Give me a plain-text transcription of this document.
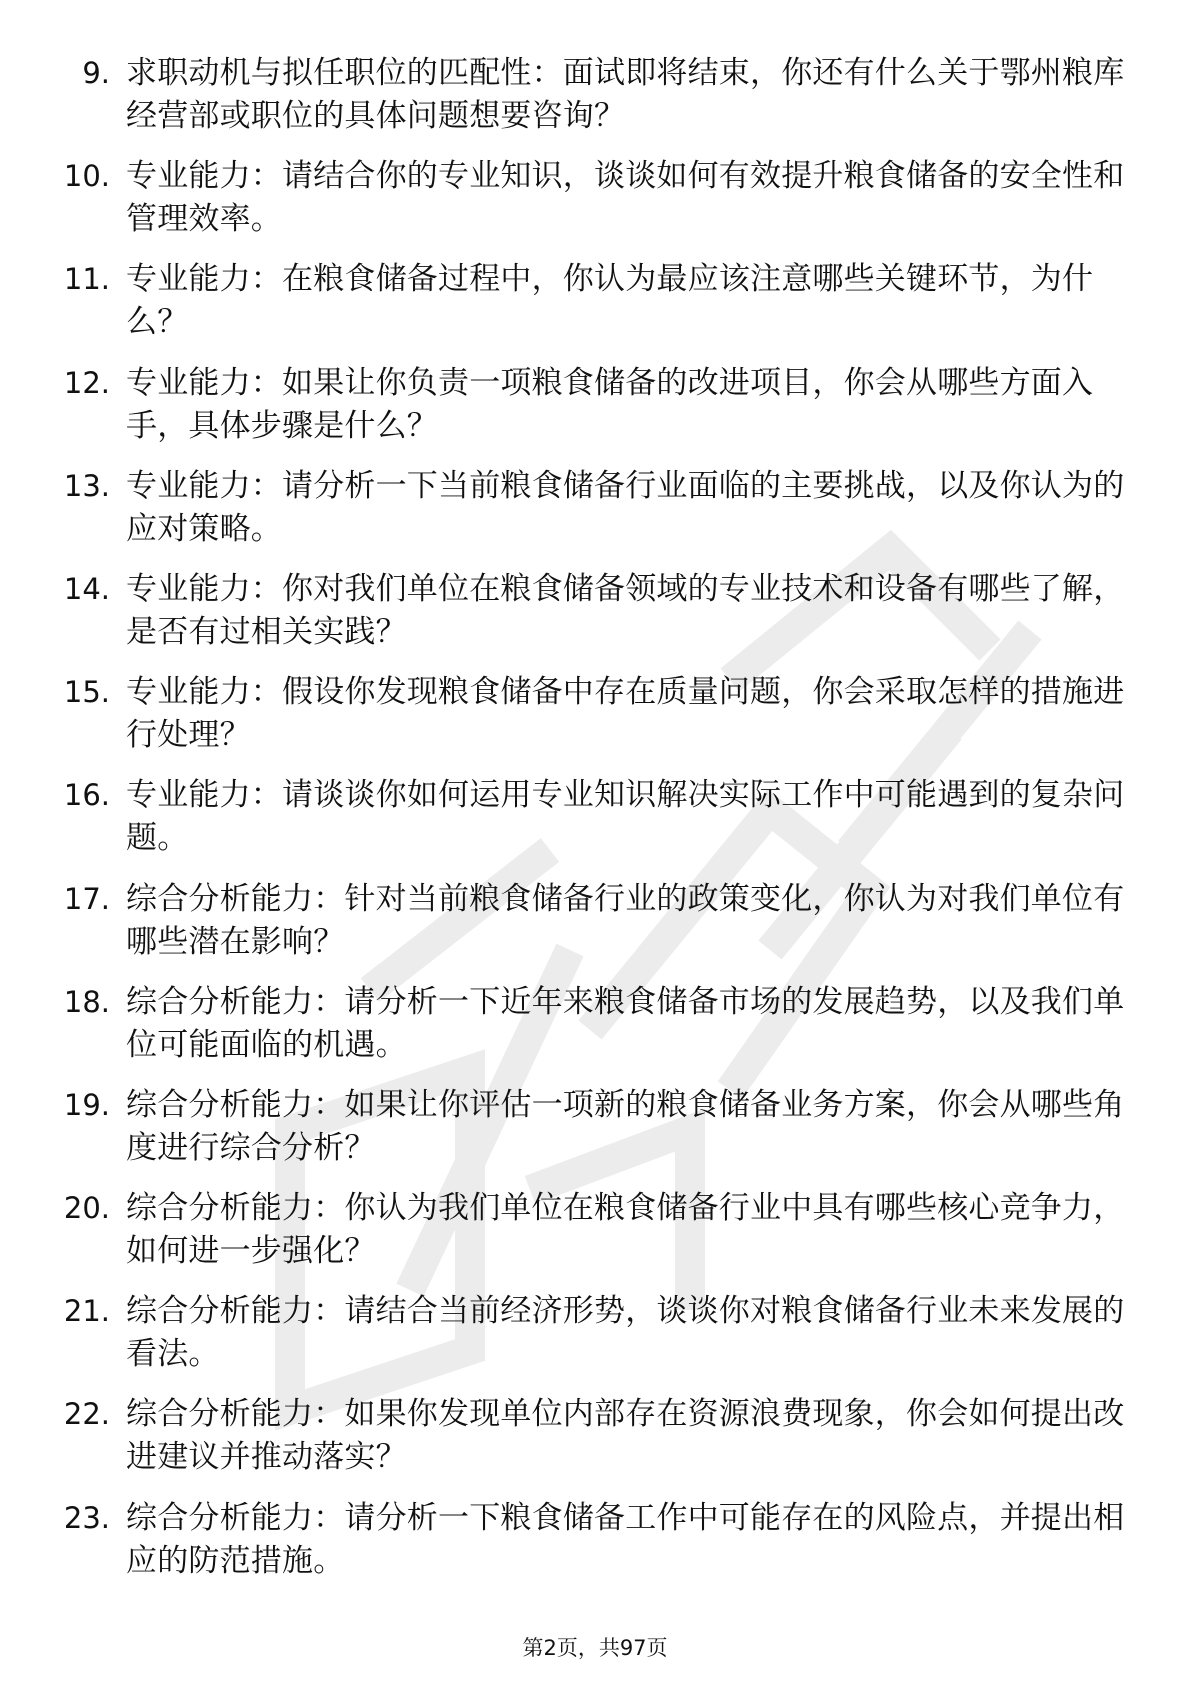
9. 求职动机与拟任职位的匹配性：面试即将结束，你还有什么关于鄂州粮库经营部或职位的具体问题想要咨询？
10. 专业能力：请结合你的专业知识，谈谈如何有效提升粮食储备的安全性和管理效率。
11. 专业能力：在粮食储备过程中，你认为最应该注意哪些关键环节，为什么？
12. 专业能力：如果让你负责一项粮食储备的改进项目，你会从哪些方面入手，具体步骤是什么？
13. 专业能力：请分析一下当前粮食储备行业面临的主要挑战，以及你认为的应对策略。
14. 专业能力：你对我们单位在粮食储备领域的专业技术和设备有哪些了解，是否有过相关实践？
15. 专业能力：假设你发现粮食储备中存在质量问题，你会采取怎样的措施进行处理？
16. 专业能力：请谈谈你如何运用专业知识解决实际工作中可能遇到的复杂问题。
17. 综合分析能力：针对当前粮食储备行业的政策变化，你认为对我们单位有哪些潜在影响？
18. 综合分析能力：请分析一下近年来粮食储备市场的发展趋势，以及我们单位可能面临的机遇。
19. 综合分析能力：如果让你评估一项新的粮食储备业务方案，你会从哪些角度进行综合分析？
20. 综合分析能力：你认为我们单位在粮食储备行业中具有哪些核心竞争力，如何进一步强化？
21. 综合分析能力：请结合当前经济形势，谈谈你对粮食储备行业未来发展的看法。
22. 综合分析能力：如果你发现单位内部存在资源浪费现象，你会如何提出改进建议并推动落实？
23. 综合分析能力：请分析一下粮食储备工作中可能存在的风险点，并提出相应的防范措施。
第2页，共97页
